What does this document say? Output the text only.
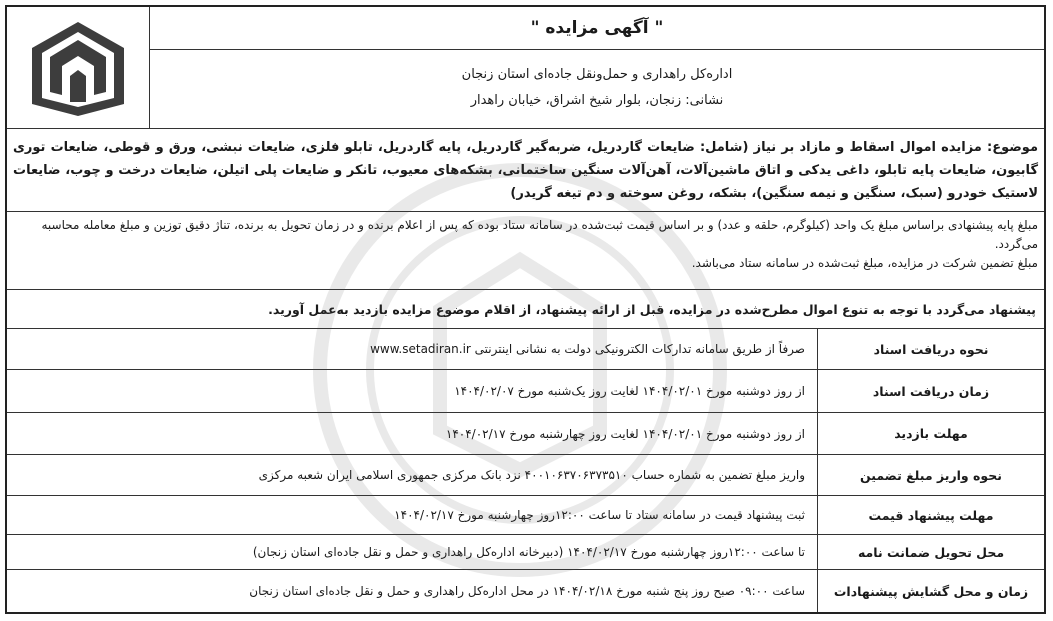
" آگهی مزایده "
اداره‌کل راهداری و حمل‌ونقل جاده‌ای استان زنجان
نشانی: زنجان، بلوار شیخ اشراق، خیابان راهدار
موضوع: مزایده اموال اسقاط و مازاد بر نیاز (شامل: ضایعات گاردریل، ضربه‌گیر گاردریل، پایه گاردریل، تابلو فلزی، ضایعات نبشی، ورق و قوطی، ضایعات توری گابیون، ضایعات پایه تابلو، داغی یدکی و اتاق ماشین‌آلات، آهن‌آلات سنگین ساختمانی، بشکه‌های معیوب، تانکر و ضایعات پلی اتیلن، ضایعات درخت و چوب، ضایعات لاستیک خودرو (سبک، سنگین و نیمه سنگین)، بشکه، روغن سوخته و دم تیغه گریدر)

مبلغ پایه پیشنهادی براساس مبلغ یک واحد (کیلوگرم، حلقه و عدد) و بر اساس قیمت ثبت‌شده در سامانه ستاد بوده که پس از اعلام برنده و در زمان تحویل به برنده، تناژ دقیق توزین و مبلغ معامله محاسبه می‌گردد.

مبلغ تضمین شرکت در مزایده، مبلغ ثبت‌شده در سامانه ستاد می‌باشد.

پیشنهاد می‌گردد با توجه به تنوع اموال مطرح‌شده در مزایده، قبل از ارائه پیشنهاد، از اقلام موضوع مزایده بازدید به‌عمل آورید.
نحوه دریافت اسناد
صرفاً از طریق سامانه تدارکات الکترونیکی دولت به نشانی اینترنتی www.setadiran.ir
زمان دریافت اسناد
از روز دوشنبه مورخ ۱۴۰۴/۰۲/۰۱ لغایت روز یک‌شنبه مورخ ۱۴۰۴/۰۲/۰۷
مهلت بازدید
از روز دوشنبه مورخ ۱۴۰۴/۰۲/۰۱ لغایت روز چهارشنبه مورخ ۱۴۰۴/۰۲/۱۷
نحوه واریز مبلغ تضمین
واریز مبلغ تضمین به شماره حساب ۴۰۰۱۰۶۳۷۰۶۳۷۳۵۱۰ نزد بانک مرکزی جمهوری اسلامی ایران شعبه مرکزی
مهلت پیشنهاد قیمت
ثبت پیشنهاد قیمت در سامانه ستاد تا ساعت ۱۲:۰۰روز چهارشنبه مورخ ۱۴۰۴/۰۲/۱۷
محل تحویل ضمانت نامه
تا ساعت ۱۲:۰۰روز چهارشنبه مورخ ۱۴۰۴/۰۲/۱۷ (دبیرخانه اداره‌کل راهداری و حمل و نقل جاده‌ای استان زنجان)
زمان و محل گشایش پیشنهادات
ساعت ۰۹:۰۰ صبح روز پنج شنبه مورخ ۱۴۰۴/۰۲/۱۸ در محل اداره‌کل راهداری و حمل و نقل جاده‌ای استان زنجان
